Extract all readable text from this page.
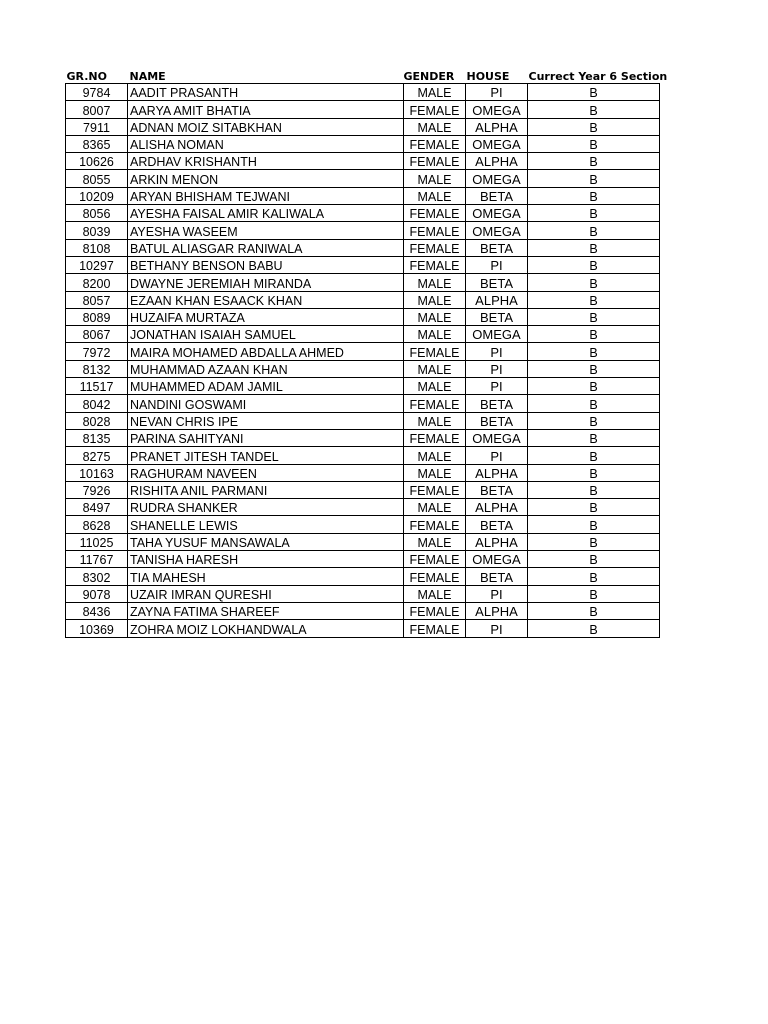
GR.NO	NAME	GENDER	HOUSE	Currect Year 6 Section
9784	AADIT PRASANTH	MALE	PI	B
8007	AARYA AMIT BHATIA	FEMALE	OMEGA	B
7911	ADNAN MOIZ SITABKHAN	MALE	ALPHA	B
8365	ALISHA NOMAN	FEMALE	OMEGA	B
10626	ARDHAV KRISHANTH	FEMALE	ALPHA	B
8055	ARKIN MENON	MALE	OMEGA	B
10209	ARYAN BHISHAM TEJWANI	MALE	BETA	B
8056	AYESHA FAISAL AMIR KALIWALA	FEMALE	OMEGA	B
8039	AYESHA WASEEM	FEMALE	OMEGA	B
8108	BATUL ALIASGAR RANIWALA	FEMALE	BETA	B
10297	BETHANY BENSON BABU	FEMALE	PI	B
8200	DWAYNE JEREMIAH MIRANDA	MALE	BETA	B
8057	EZAAN KHAN ESAACK KHAN	MALE	ALPHA	B
8089	HUZAIFA MURTAZA	MALE	BETA	B
8067	JONATHAN ISAIAH SAMUEL	MALE	OMEGA	B
7972	MAIRA MOHAMED ABDALLA AHMED	FEMALE	PI	B
8132	MUHAMMAD AZAAN KHAN	MALE	PI	B
11517	MUHAMMED ADAM JAMIL	MALE	PI	B
8042	NANDINI GOSWAMI	FEMALE	BETA	B
8028	NEVAN CHRIS IPE	MALE	BETA	B
8135	PARINA SAHITYANI	FEMALE	OMEGA	B
8275	PRANET JITESH TANDEL	MALE	PI	B
10163	RAGHURAM NAVEEN	MALE	ALPHA	B
7926	RISHITA ANIL PARMANI	FEMALE	BETA	B
8497	RUDRA SHANKER	MALE	ALPHA	B
8628	SHANELLE LEWIS	FEMALE	BETA	B
11025	TAHA YUSUF MANSAWALA	MALE	ALPHA	B
11767	TANISHA HARESH	FEMALE	OMEGA	B
8302	TIA MAHESH	FEMALE	BETA	B
9078	UZAIR IMRAN QURESHI	MALE	PI	B
8436	ZAYNA FATIMA SHAREEF	FEMALE	ALPHA	B
10369	ZOHRA MOIZ LOKHANDWALA	FEMALE	PI	B
